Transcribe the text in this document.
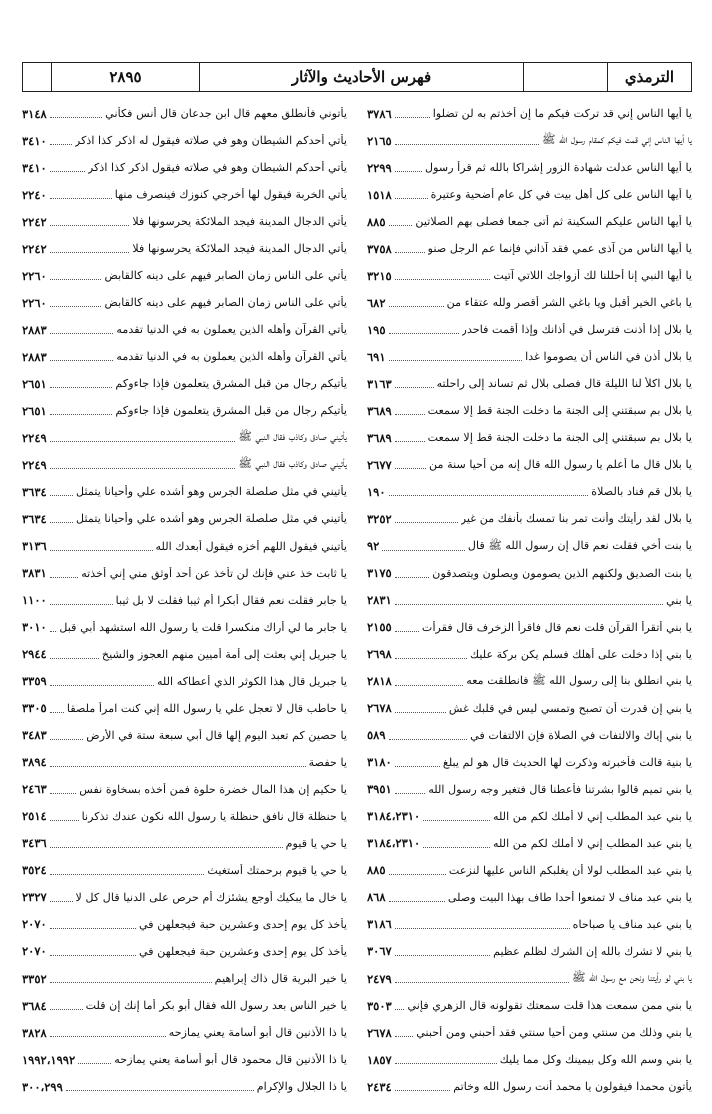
٢٨٩٥	فهرس الأحاديث والآثار	الترمذي
يأتوني فأنطلق معهم قال ابن جدعان قال أنس فكأني
٣١٤٨
يأتي أحدكم الشيطان وهو في صلاته فيقول له اذكر كذا اذكر
٣٤١٠
يأتي أحدكم الشيطان وهو في صلاته فيقول اذكر كذا اذكر
٣٤١٠
يأتي الخربة فيقول لها أخرجي كنوزك فينصرف منها
٢٢٤٠
يأتي الدجال المدينة فيجد الملائكة يحرسونها فلا
٢٢٤٢
يأتي الدجال المدينة فيجد الملائكة يحرسونها فلا
٢٢٤٢
يأتي على الناس زمان الصابر فيهم على دينه كالقابض
٢٢٦٠
يأتي على الناس زمان الصابر فيهم على دينه كالقابض
٢٢٦٠
يأتي القرآن وأهله الذين يعملون به في الدنيا تقدمه
٢٨٨٣
يأتي القرآن وأهله الذين يعملون به في الدنيا تقدمه
٢٨٨٣
يأتيكم رجال من قبل المشرق يتعلمون فإذا جاءوكم
٢٦٥١
يأتيكم رجال من قبل المشرق يتعلمون فإذا جاءوكم
٢٦٥١
يأتيني صادق وكاذب فقال النبي ﷺ
٢٢٤٩
يأتيني صادق وكاذب فقال النبي ﷺ
٢٢٤٩
يأتيني في مثل صلصلة الجرس وهو أشده علي وأحيانا يتمثل
٣٦٣٤
يأتيني في مثل صلصلة الجرس وهو أشده علي وأحيانا يتمثل
٣٦٣٤
يأتيني فيقول اللهم أخزه فيقول أبعدك الله
٣١٣٦
يا ثابت خذ عني فإنك لن تأخذ عن أحد أوثق مني إني أخذته
٣٨٣١
يا جابر فقلت نعم فقال أبكرا أم ثيبا فقلت لا بل ثيبا
١١٠٠
يا جابر ما لي أراك منكسرا قلت يا رسول الله استشهد أبي قبل
٣٠١٠
يا جبريل إني بعثت إلى أمة أميين منهم العجوز والشيخ
٢٩٤٤
يا جبريل قال هذا الكوثر الذي أعطاكه الله
٣٣٥٩
يا حاطب قال لا تعجل علي يا رسول الله إني كنت امرأ ملصقا
٣٣٠٥
يا حصين كم تعبد اليوم إلها قال أبي سبعة ستة في الأرض
٣٤٨٣
يا حفصة
٣٨٩٤
يا حكيم إن هذا المال خضرة حلوة فمن أخذه بسخاوة نفس
٢٤٦٣
يا حنظلة قال نافق حنظلة يا رسول الله نكون عندك تذكرنا
٢٥١٤
يا حي يا قيوم
٣٤٣٦
يا حي يا قيوم برحمتك أستغيث
٣٥٢٤
يا خال ما يبكيك أوجع يشئزك أم حرص على الدنيا قال كل لا
٢٣٢٧
يأخذ كل يوم إحدى وعشرين حبة فيجعلهن في
٢٠٧٠
يأخذ كل يوم إحدى وعشرين حبة فيجعلهن في
٢٠٧٠
يا خير البرية قال ذاك إبراهيم
٣٣٥٢
يا خير الناس بعد رسول الله فقال أبو بكر أما إنك إن قلت
٣٦٨٤
يا ذا الأذنين قال أبو أسامة يعني يمازحه
٣٨٢٨
يا ذا الأذنين قال محمود قال أبو أسامة يعني يمازحه
١٩٩٢،١٩٩٢
يا ذا الجلال والإكرام
٣٠٠،٢٩٩
يا أيها الناس إني قد تركت فيكم ما إن أخذتم به لن تضلوا
٣٧٨٦
يا أيها الناس إني قمت فيكم كمقام رسول الله ﷺ
٢١٦٥
يا أيها الناس عدلت شهادة الزور إشراكا بالله ثم قرأ رسول
٢٢٩٩
يا أيها الناس على كل أهل بيت في كل عام أضحية وعتيرة
١٥١٨
يا أيها الناس عليكم السكينة ثم أتى جمعا فصلى بهم الصلاتين
٨٨٥
يا أيها الناس من آذى عمي فقد آذاني فإنما عم الرجل صنو
٣٧٥٨
يا أيها النبي إنا أحللنا لك أزواجك اللاتي آتيت
٣٢١٥
يا باغي الخير أقبل ويا باغي الشر أقصر ولله عتقاء من
٦٨٢
يا بلال إذا أذنت فترسل في أذانك وإذا أقمت فاحدر
١٩٥
يا بلال أذن في الناس أن يصوموا غدا
٦٩١
يا بلال اكلأ لنا الليلة قال فصلى بلال ثم تساند إلى راحلته
٣١٦٣
يا بلال بم سبقتني إلى الجنة ما دخلت الجنة قط إلا سمعت
٣٦٨٩
يا بلال بم سبقتني إلى الجنة ما دخلت الجنة قط إلا سمعت
٣٦٨٩
يا بلال قال ما أعلم يا رسول الله قال إنه من أحيا سنة من
٢٦٧٧
يا بلال قم فناد بالصلاة
١٩٠
يا بلال لقد رأيتك وأنت تمر بنا تمسك بأنفك من غير
٣٢٥٢
يا بنت أخي فقلت نعم قال إن رسول الله ﷺ قال
٩٢
يا بنت الصديق ولكنهم الذين يصومون ويصلون ويتصدقون
٣١٧٥
يا بني
٢٨٣١
يا بني أتقرأ القرآن قلت نعم قال فاقرأ الزخرف قال فقرأت
٢١٥٥
يا بني إذا دخلت على أهلك فسلم يكن بركة عليك
٢٦٩٨
يا بني انطلق بنا إلى رسول الله ﷺ فانطلقت معه
٢٨١٨
يا بني إن قدرت أن تصبح وتمسي ليس في قلبك غش
٢٦٧٨
يا بني إياك والالتفات في الصلاة فإن الالتفات في
٥٨٩
يا بنية قالت فأخبرته وذكرت لها الحديث قال هو لم يبلغ
٣١٨٠
يا بني تميم قالوا بشرتنا فأعطنا قال فتغير وجه رسول الله
٣٩٥١
يا بني عبد المطلب إني لا أملك لكم من الله
٣١٨٤،٢٣١٠
يا بني عبد المطلب إني لا أملك لكم من الله
٣١٨٤،٢٣١٠
يا بني عبد المطلب لولا أن يغلبكم الناس عليها لنزعت
٨٨٥
يا بني عبد مناف لا تمنعوا أحدا طاف بهذا البيت وصلى
٨٦٨
يا بني عبد مناف يا صباحاه
٣١٨٦
يا بني لا تشرك بالله إن الشرك لظلم عظيم
٣٠٦٧
يا بني لو رأيتنا ونحن مع رسول الله ﷺ
٢٤٧٩
يا بني ممن سمعت هذا قلت سمعتك تقولونه قال الزهري فإني
٣٥٠٣
يا بني وذلك من سنتي ومن أحيا سنتي فقد أحبني ومن أحبني
٢٦٧٨
يا بني وسم الله وكل بيمينك وكل مما يليك
١٨٥٧
يأتون محمدا فيقولون يا محمد أنت رسول الله وخاتم
٢٤٣٤
